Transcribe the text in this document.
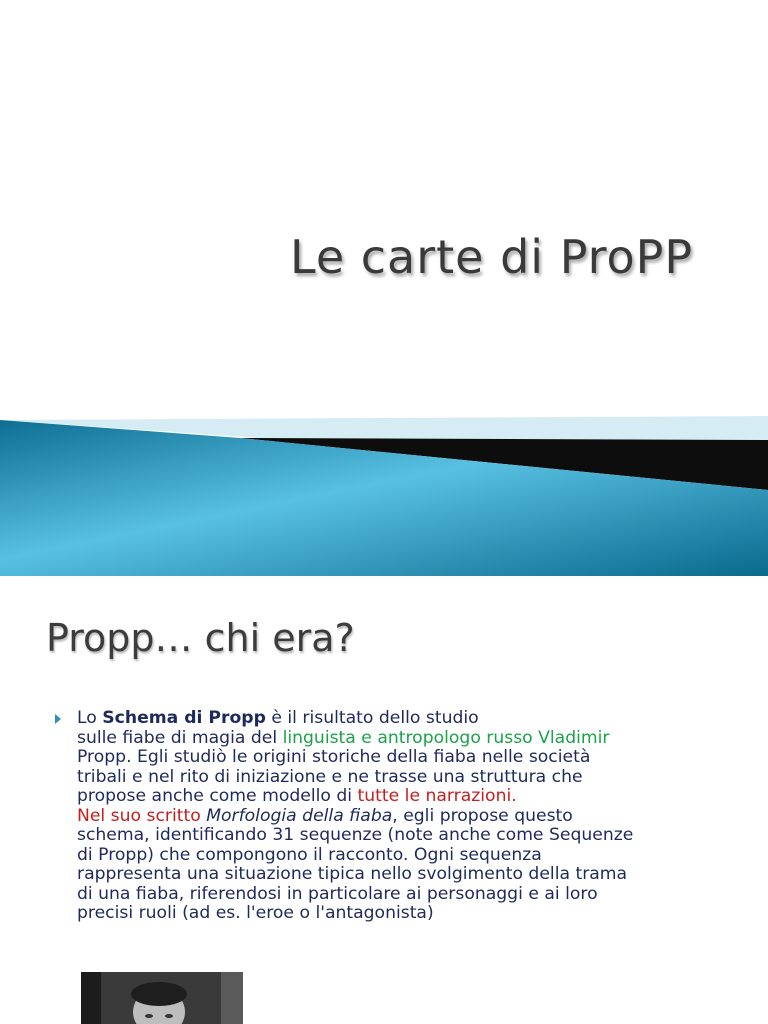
Le carte di ProPP
Propp… chi era?
Lo Schema di Propp è il risultato dello studio
sulle fiabe di magia del linguista e antropologo russo Vladimir
Propp. Egli studiò le origini storiche della fiaba nelle società
tribali e nel rito di iniziazione e ne trasse una struttura che
propose anche come modello di tutte le narrazioni.
Nel suo scritto Morfologia della fiaba, egli propose questo
schema, identificando 31 sequenze (note anche come Sequenze
di Propp) che compongono il racconto. Ogni sequenza
rappresenta una situazione tipica nello svolgimento della trama
di una fiaba, riferendosi in particolare ai personaggi e ai loro
precisi ruoli (ad es. l'eroe o l'antagonista)
